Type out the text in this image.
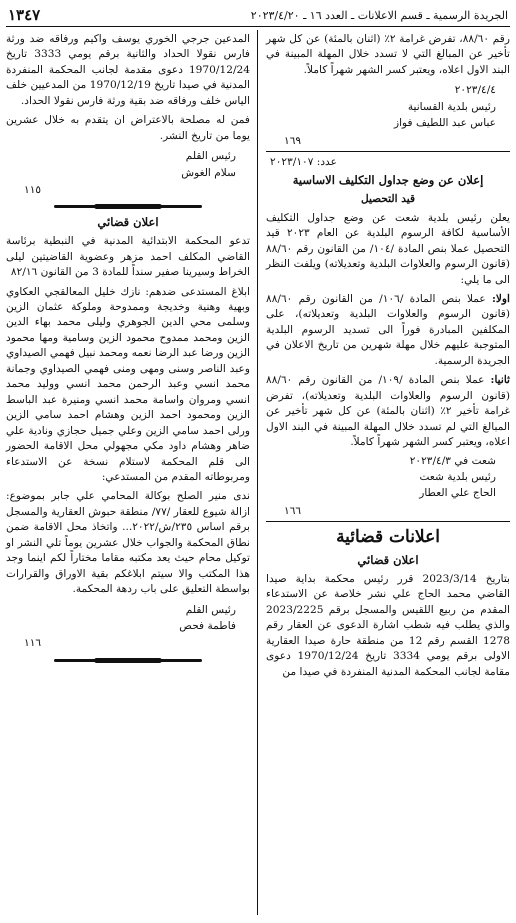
الجريدة الرسمية ـ قسم الاعلانات ـ العدد ١٦ ـ ٢٠٢٣/٤/٢٠
١٣٤٧

رقم ٨٨/٦٠، تفرض غرامة ٢٪ (اثنان بالمئة) عن كل شهر تأخير عن المبالغ التي لا تسدد خلال المهلة المبينة في البند الاول اعلاه، ويعتبر كسر الشهر شهراً كاملاً.

٢٠٢٣/٤/٤
رئيس بلدية القسانية
عباس عبد اللطيف فواز
١٦٩
عدد: ٢٠٢٣/١٠٧
إعلان عن وضع جداول التكليف الاساسية
قيد التحصيل

يعلن رئيس بلدية شعت عن وضع جداول التكليف الأساسية لكافة الرسوم البلدية عن العام ٢٠٢٣ قيد التحصيل عملا بنص المادة /١٠٤/ من القانون رقم ٨٨/٦٠ (قانون الرسوم والعلاوات البلدية وتعديلاته) ويلفت النظر الى ما يلي:

اولا: عملا بنص المادة /١٠٦/ من القانون رقم ٨٨/٦٠ (قانون الرسوم والعلاوات البلدية وتعديلاته)، على المكلفين المبادرة فوراً الى تسديد الرسوم البلدية المتوجبة عليهم خلال مهلة شهرين من تاريخ الاعلان في الجريدة الرسمية.

ثانيا: عملا بنص المادة /١٠٩/ من القانون رقم ٨٨/٦٠ (قانون الرسوم والعلاوات البلدية وتعديلاته)، تفرض غرامة تأخير ٢٪ (اثنان بالمئة) عن كل شهر تأخير عن المبالغ التي لم تسدد خلال المهلة المبينة في البند الاول اعلاه، ويعتبر كسر الشهر شهراً كاملاً.

شعت في ٢٠٢٣/٤/٣
رئيس بلدية شعت
الحاج علي العطار
١٦٦
اعلانات قضائية
اعلان قضائي

بتاريخ 2023/3/14 قرر رئيس محكمة بداية صيدا القاضي محمد الحاج علي نشر خلاصة عن الاستدعاء المقدم من ربيع اللقيس والمسجل برقم 2023/2225 والذي يطلب فيه شطب اشارة الدعوى عن العقار رقم 1278 القسم رقم 12 من منطقة حارة صيدا العقارية الاولى برقم يومي 3334 تاريخ 1970/12/24 دعوى مقامة لجانب المحكمة المدنية المنفردة في صيدا من

المدعين جرجي الخوري يوسف واكيم ورفاقه ضد ورثة فارس نقولا الحداد والثانية برقم يومي 3333 تاريخ 1970/12/24 دعوى مقدمة لجانب المحكمة المنفردة المدنية في صيدا تاريخ 1970/12/19 من المدعيين خلف الياس خلف ورفاقه ضد بقية ورثة فارس نقولا الحداد.

فمن له مصلحة بالاعتراض ان يتقدم به خلال عشرين يوما من تاريخ النشر.

رئيس القلم
سلام الغوش
١١٥
اعلان قضائي

تدعو المحكمة الابتدائية المدنية في النبطية برئاسة القاضي المكلف احمد مزهر وعضوية القاضيتين ليلى الخراط وسيرينا صفير سنداً للمادة 3 من القانون ٨٢/١٦

ابلاغ المستدعى ضدهم: نازك خليل المعالقجي العكاوي وبهية وهنية وخديجة وممدوحة وملوكة عثمان الزين وسلمى محي الدين الجوهري وليلى محمد بهاء الدين الزين ومحمد ممدوح محمود الزين وسامية ومها محمود الزين ورضا عبد الرضا نعمه ومحمد نبيل فهمي الصيداوي وعبد الناصر وسنى ومهى ومنى فهمي الصيداوي وجمانة محمد انسي وعبد الرحمن محمد انسي ووليد محمد انسي ومروان واسامة محمد انسي ومنيرة عبد الباسط الزين ومحمود احمد الزين وهشام احمد سامي الزين ورلى احمد سامي الزين وعلي جميل حجازي ونادية علي ضاهر وهشام داود مكي مجهولي محل الاقامة الحضور الى قلم المحكمة لاستلام نسخة عن الاستدعاء ومربوطاته المقدم من المستدعي:

ندى منير الصلح بوكالة المحامي علي جابر بموضوع: ازالة شيوع للعقار /٧٧/ منطقة حبوش العقارية والمسجل برقم اساس ٢٣٥/ش/٢٠٢٢... واتخاذ محل الاقامة ضمن نطاق المحكمة والجواب خلال عشرين يوماً تلي النشر او توكيل محام حيث يعد مكتبه مقاما مختاراً لكم اينما وجد هذا المكتب والا سيتم ابلاغكم بقية الاوراق والقرارات بواسطة التعليق على باب ردهة المحكمة.

رئيس القلم
فاطمة فحص
١١٦
